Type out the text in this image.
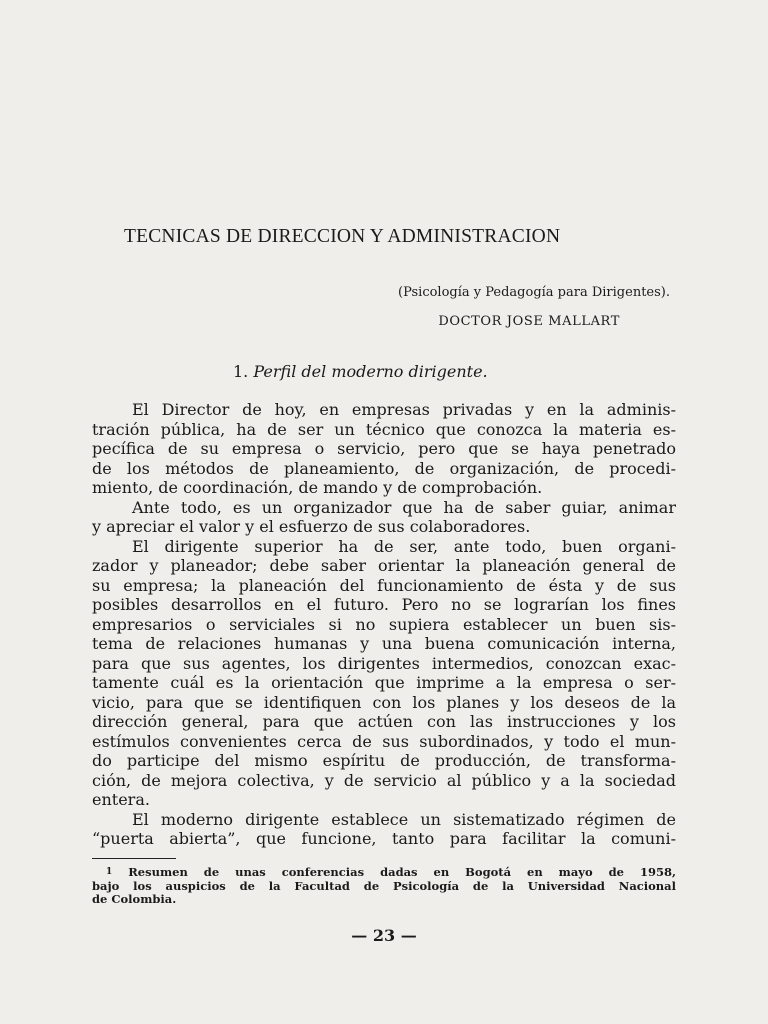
TECNICAS DE DIRECCION Y ADMINISTRACION
(Psicología y Pedagogía para Dirigentes).
DOCTOR JOSE MALLART
1. Perfil del moderno dirigente.
El Director de hoy, en empresas privadas y en la adminis-
tración pública, ha de ser un técnico que conozca la materia es-
pecífica de su empresa o servicio, pero que se haya penetrado
de los métodos de planeamiento, de organización, de procedi-
miento, de coordinación, de mando y de comprobación.
Ante todo, es un organizador que ha de saber guiar, animar
y apreciar el valor y el esfuerzo de sus colaboradores.
El dirigente superior ha de ser, ante todo, buen organi-
zador y planeador; debe saber orientar la planeación general de
su empresa; la planeación del funcionamiento de ésta y de sus
posibles desarrollos en el futuro. Pero no se lograrían los fines
empresarios o serviciales si no supiera establecer un buen sis-
tema de relaciones humanas y una buena comunicación interna,
para que sus agentes, los dirigentes intermedios, conozcan exac-
tamente cuál es la orientación que imprime a la empresa o ser-
vicio, para que se identifiquen con los planes y los deseos de la
dirección general, para que actúen con las instrucciones y los
estímulos convenientes cerca de sus subordinados, y todo el mun-
do participe del mismo espíritu de producción, de transforma-
ción, de mejora colectiva, y de servicio al público y a la sociedad
entera.
El moderno dirigente establece un sistematizado régimen de
“puerta abierta”, que funcione, tanto para facilitar la comuni-
1 Resumen de unas conferencias dadas en Bogotá en mayo de 1958,
bajo los auspicios de la Facultad de Psicología de la Universidad Nacional
de Colombia.
— 23 —
